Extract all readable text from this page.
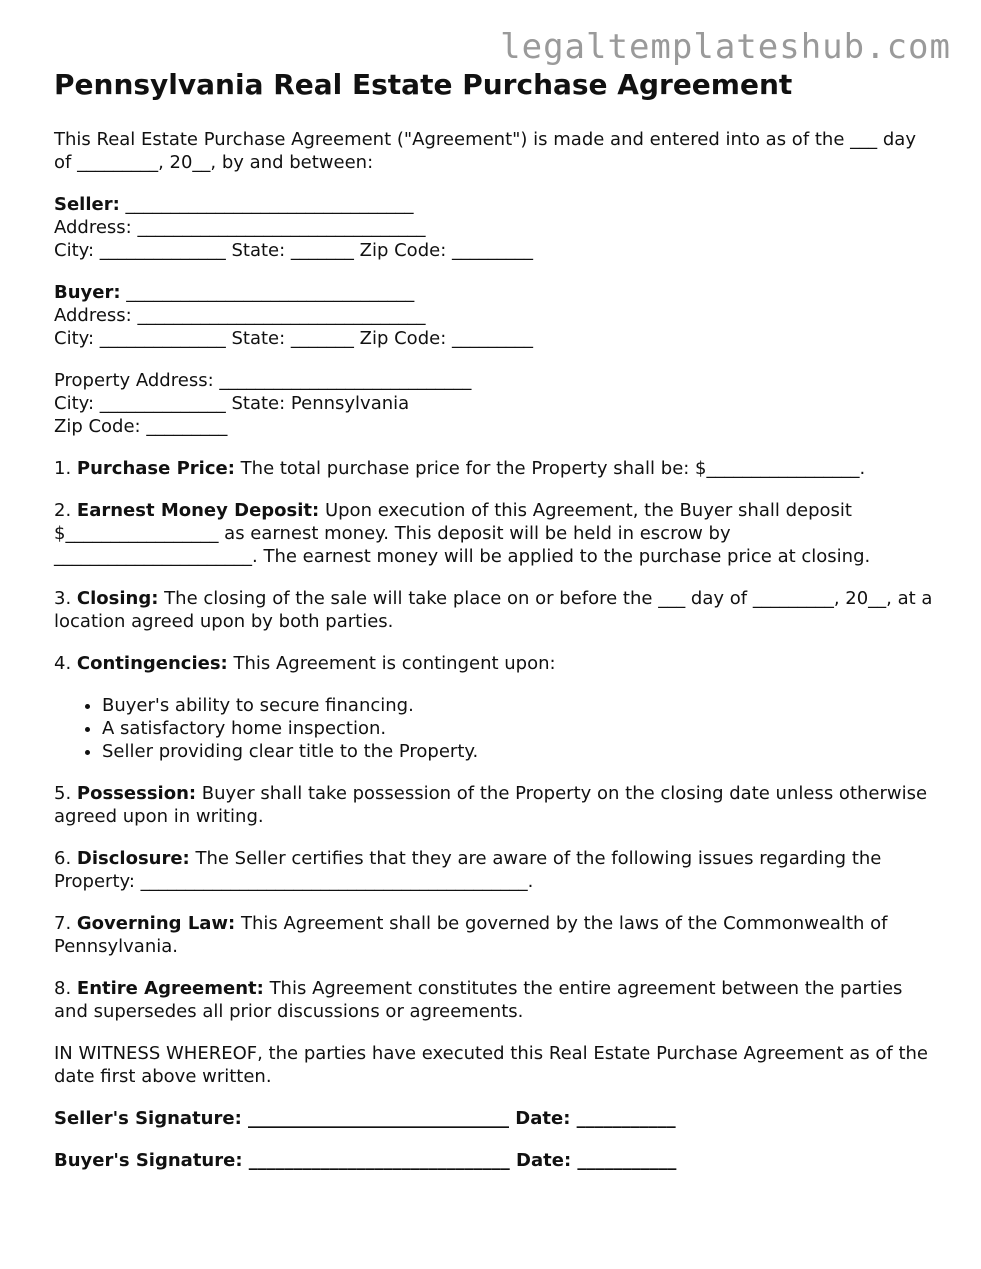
legaltemplateshub.com
Pennsylvania Real Estate Purchase Agreement

This Real Estate Purchase Agreement ("Agreement") is made and entered into as of the ___ day of _________, 20__, by and between:

Seller: ________________________________
Address: ________________________________
City: ______________ State: _______ Zip Code: _________
Buyer: ________________________________
Address: ________________________________
City: ______________ State: _______ Zip Code: _________
Property Address: ____________________________
City: ______________ State: Pennsylvania
Zip Code: _________

1. Purchase Price: The total purchase price for the Property shall be: $_________________.

2. Earnest Money Deposit: Upon execution of this Agreement, the Buyer shall deposit $_________________ as earnest money. This deposit will be held in escrow by ______________________. The earnest money will be applied to the purchase price at closing.

3. Closing: The closing of the sale will take place on or before the ___ day of _________, 20__, at a location agreed upon by both parties.

4. Contingencies: This Agreement is contingent upon:

• Buyer's ability to secure financing.
• A satisfactory home inspection.
• Seller providing clear title to the Property.

5. Possession: Buyer shall take possession of the Property on the closing date unless otherwise agreed upon in writing.

6. Disclosure: The Seller certifies that they are aware of the following issues regarding the Property: ___________________________________________.

7. Governing Law: This Agreement shall be governed by the laws of the Commonwealth of Pennsylvania.

8. Entire Agreement: This Agreement constitutes the entire agreement between the parties and supersedes all prior discussions or agreements.

IN WITNESS WHEREOF, the parties have executed this Real Estate Purchase Agreement as of the date first above written.

Seller's Signature: _____________________________ Date: ___________

Buyer's Signature: _____________________________ Date: ___________
